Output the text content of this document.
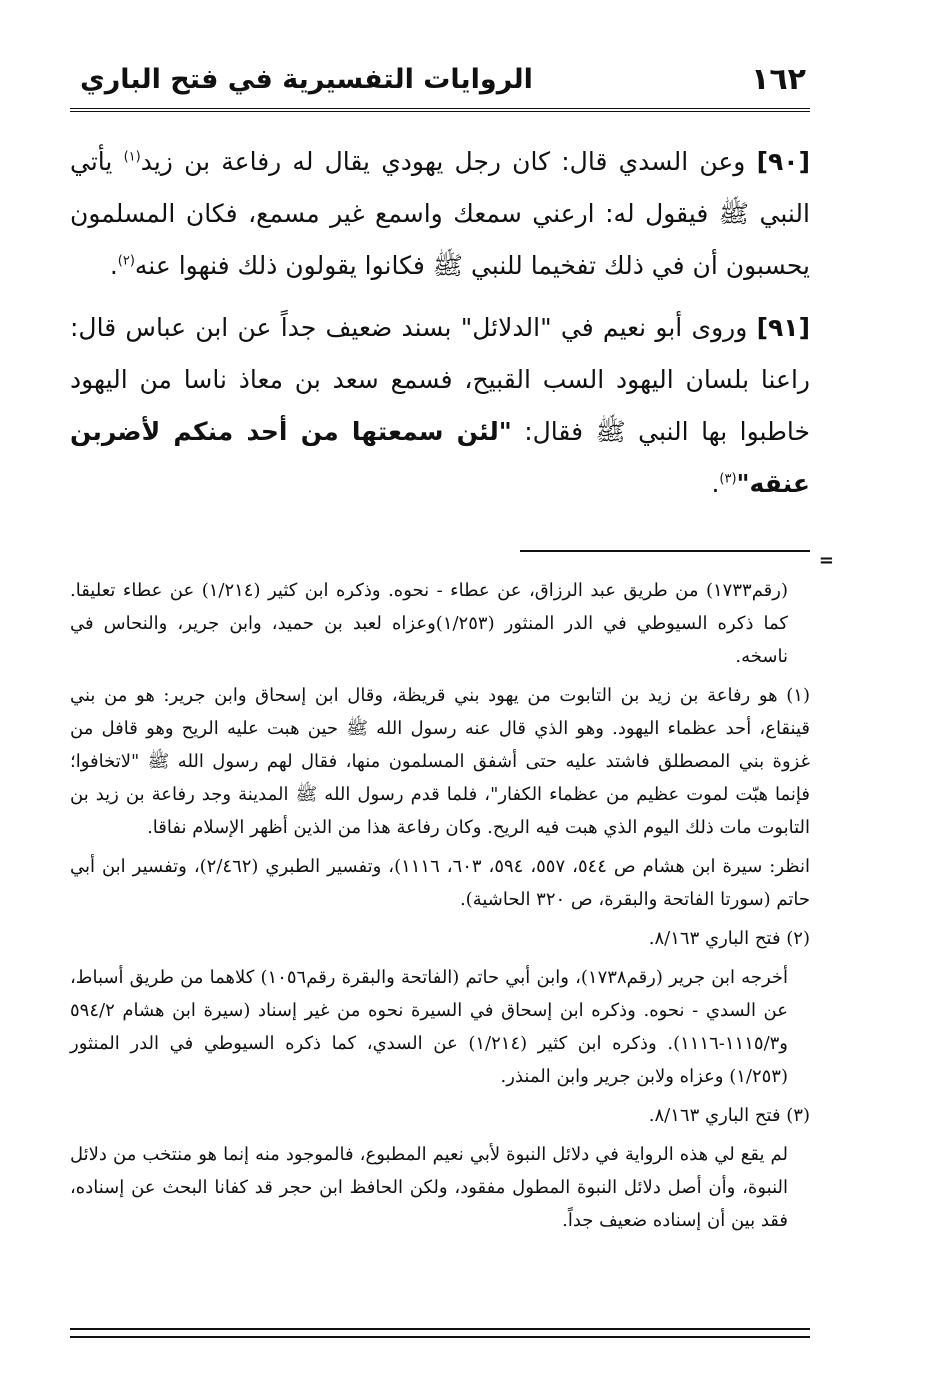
١٦٢
الروايات التفسيرية في فتح الباري

[٩٠] وعن السدي قال: كان رجل يهودي يقال له رفاعة بن زيد$^{(١)}$ يأتي النبي ﷺ فيقول له: ارعني سمعك واسمع غير مسمع، فكان المسلمون يحسبون أن في ذلك تفخيما للنبي ﷺ فكانوا يقولون ذلك فنهوا عنه$^{(٢)}$.

[٩١] وروى أبو نعيم في "الدلائل" بسند ضعيف جداً عن ابن عباس قال: راعنا بلسان اليهود السب القبيح، فسمع سعد بن معاذ ناسا من اليهود خاطبوا بها النبي ﷺ فقال: "لئن سمعتها من أحد منكم لأضربن عنقه"$^{(٣)}$.

=

(رقم١٧٣٣) من طريق عبد الرزاق، عن عطاء - نحوه. وذكره ابن كثير (١/٢١٤) عن عطاء تعليقا. كما ذكره السيوطي في الدر المنثور (١/٢٥٣)وعزاه لعبد بن حميد، وابن جرير، والنحاس في ناسخه.

(١) هو رفاعة بن زيد بن التابوت من يهود بني قريظة، وقال ابن إسحاق وابن جرير: هو من بني قينقاع، أحد عظماء اليهود. وهو الذي قال عنه رسول الله ﷺ حين هبت عليه الريح وهو قافل من غزوة بني المصطلق فاشتد عليه حتى أشفق المسلمون منها، فقال لهم رسول الله ﷺ "لاتخافوا؛ فإنما هبّت لموت عظيم من عظماء الكفار"، فلما قدم رسول الله ﷺ المدينة وجد رفاعة بن زيد بن التابوت مات ذلك اليوم الذي هبت فيه الريح. وكان رفاعة هذا من الذين أظهر الإسلام نفاقا.

انظر: سيرة ابن هشام ص ٥٤٤، ٥٥٧، ٥٩٤، ٦٠٣، ١١١٦)، وتفسير الطبري (٢/٤٦٢)، وتفسير ابن أبي حاتم (سورتا الفاتحة والبقرة، ص ٣٢٠ الحاشية).

(٢) فتح الباري ٨/١٦٣.

أخرجه ابن جرير (رقم١٧٣٨)، وابن أبي حاتم (الفاتحة والبقرة رقم١٠٥٦) كلاهما من طريق أسباط، عن السدي - نحوه. وذكره ابن إسحاق في السيرة نحوه من غير إسناد (سيرة ابن هشام ٥٩٤/٢ و١١١٥/٣-١١١٦). وذكره ابن كثير (١/٢١٤) عن السدي، كما ذكره السيوطي في الدر المنثور (١/٢٥٣) وعزاه ولابن جرير وابن المنذر.

(٣) فتح الباري ٨/١٦٣.

لم يقع لي هذه الرواية في دلائل النبوة لأبي نعيم المطبوع، فالموجود منه إنما هو منتخب من دلائل النبوة، وأن أصل دلائل النبوة المطول مفقود، ولكن الحافظ ابن حجر قد كفانا البحث عن إسناده، فقد بين أن إسناده ضعيف جداً.
